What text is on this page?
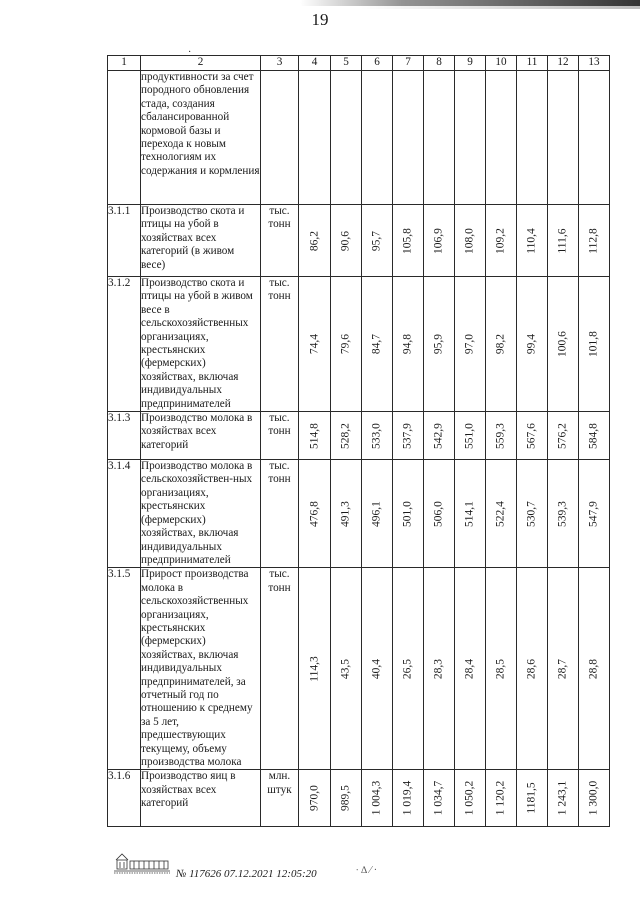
19
·
1	2	3	4	5	6	7	8	9	10	11	12	13
	продуктивности за счет породного обновления стада, создания сбалансированной кормовой базы и перехода к новым технологиям их содержания и кормления											
3.1.1	Производство скота и птицы на убой в хозяйствах всех категорий (в живом весе)	тыс. тонн	86,2	90,6	95,7	105,8	106,9	108,0	109,2	110,4	111,6	112,8

3.1.2	Производство скота и птицы на убой в живом весе в сельскохозяйственных организациях, крестьянских (фермерских) хозяйствах, включая индивидуальных предпринимателей	тыс. тонн	74,4	79,6	84,7	94,8	95,9	97,0	98,2	99,4	100,6	101,8

3.1.3	Производство молока в хозяйствах всех категорий	тыс. тонн	514,8	528,2	533,0	537,9	542,9	551,0	559,3	567,6	576,2	584,8

3.1.4	Производство молока в сельскохозяйствен-ных организациях, крестьянских (фермерских) хозяйствах, включая индивидуальных предпринимателей	тыс. тонн	476,8	491,3	496,1	501,0	506,0	514,1	522,4	530,7	539,3	547,9

3.1.5	Прирост производства молока в сельскохозяйственных организациях, крестьянских (фермерских) хозяйствах, включая индивидуальных предпринимателей, за отчетный год по отношению к среднему за 5 лет, предшествующих текущему, объему производства молока	тыс. тонн	114,3	43,5	40,4	26,5	28,3	28,4	28,5	28,6	28,7	28,8

3.1.6	Производство яиц в хозяйствах всех категорий	млн. штук	970,0	989,5	1 004,3	1 019,4	1 034,7	1 050,2	1 120,2	1181,5	1 243,1	1 300,0
№ 117626 07.12.2021 12:05:20	∙ ∆ ⁄ ·
